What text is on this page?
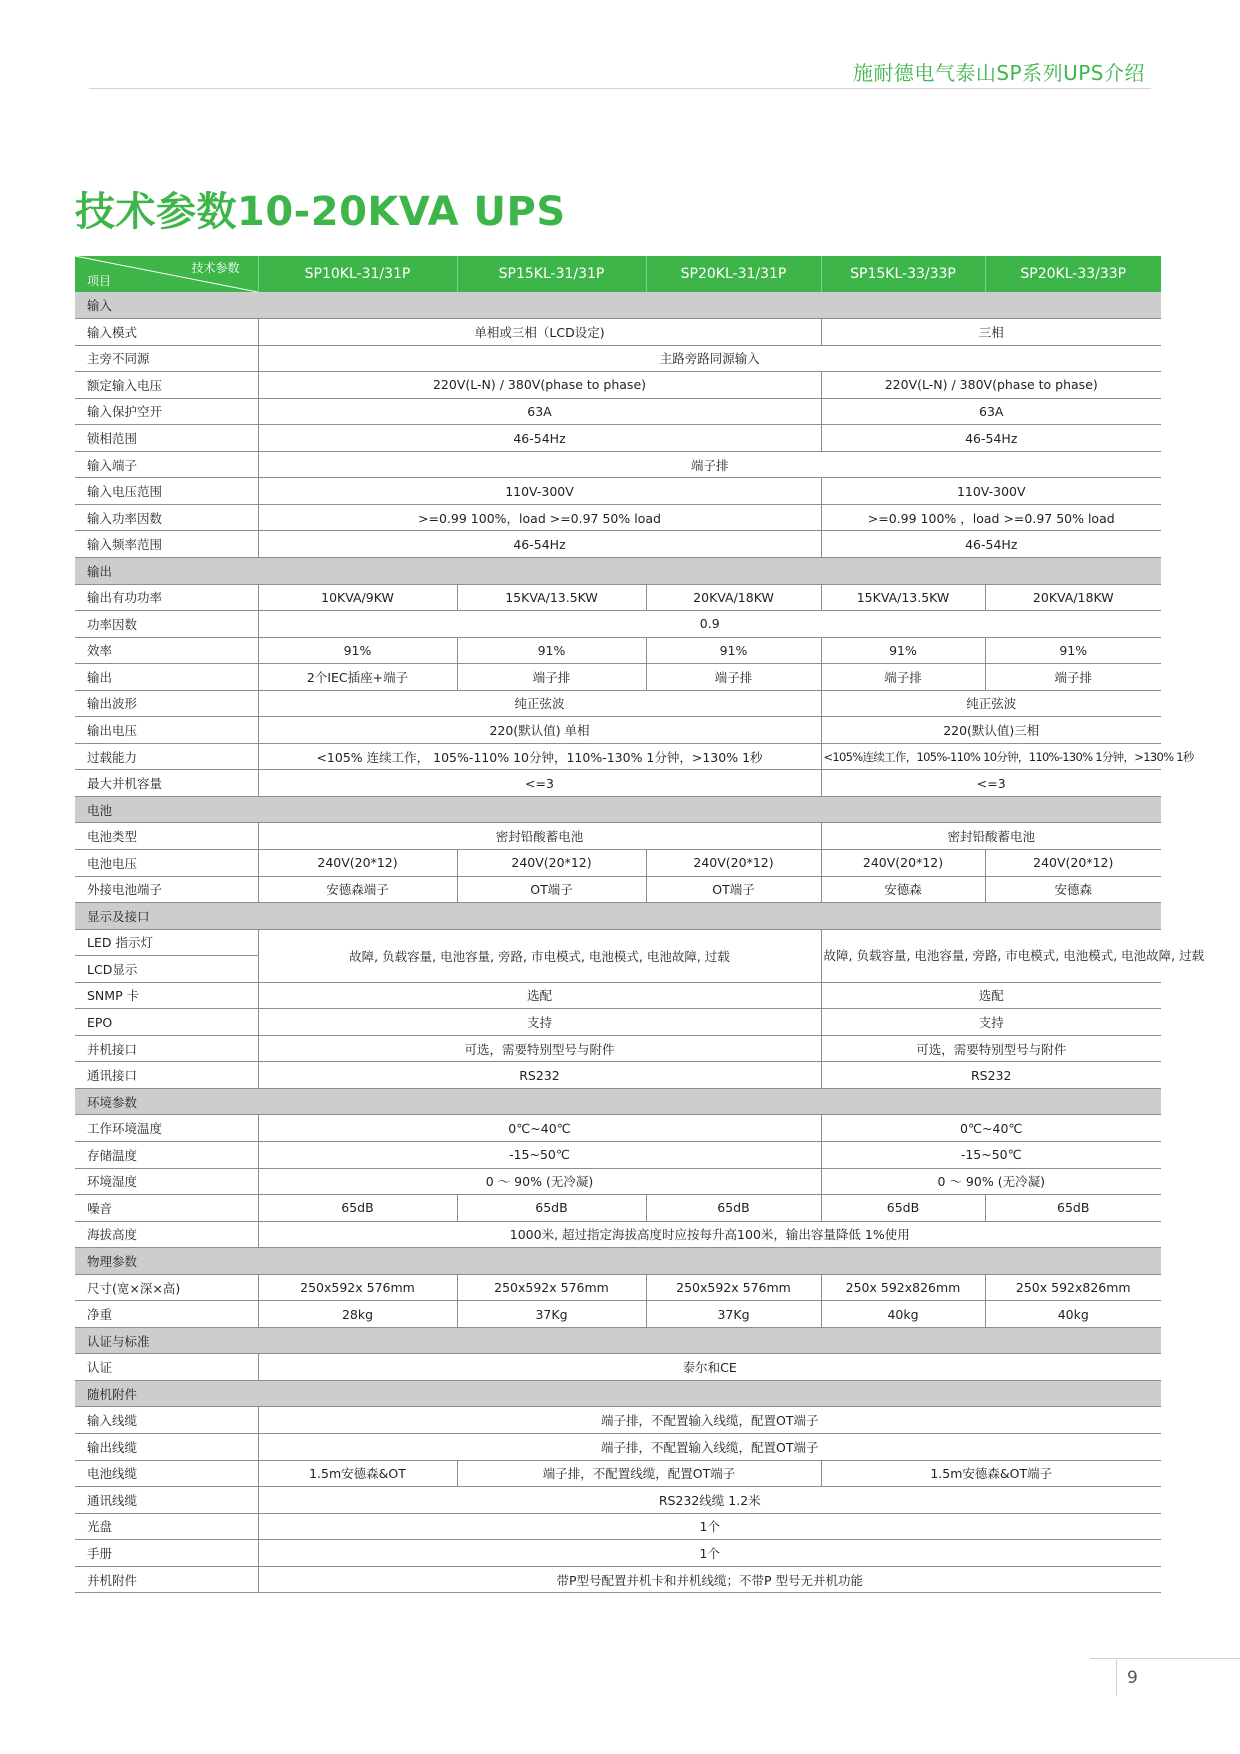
施耐德电气泰山SP系列UPS介绍
技术参数10-20KVA UPS
技术参数
项目	SP10KL-31/31P	SP15KL-31/31P	SP20KL-31/31P	SP15KL-33/33P	SP20KL-33/33P
输入					
输入模式	单相或三相（LCD设定)			三相	
主旁不同源	主路旁路同源输入				
额定输入电压	220V(L-N) / 380V(phase to phase)			220V(L-N) / 380V(phase to phase)	
输入保护空开	63A			63A	
锁相范围	46-54Hz			46-54Hz	
输入端子	端子排				
输入电压范围	110V-300V			110V-300V	
输入功率因数	>=0.99 100%，load >=0.97 50% load			>=0.99 100% ，load >=0.97 50% load	
输入频率范围	46-54Hz			46-54Hz	
输出					
输出有功功率	10KVA/9KW	15KVA/13.5KW	20KVA/18KW	15KVA/13.5KW	20KVA/18KW
功率因数	0.9				
效率	91%	91%	91%	91%	91%
输出	2个IEC插座+端子	端子排	端子排	端子排	端子排
输出波形	纯正弦波			纯正弦波	
输出电压	220(默认值) 单相			220(默认值)三相	
过载能力	<105% 连续工作， 105%-110% 10分钟，110%-130% 1分钟，>130% 1秒			<105%连续工作，105%-110% 10分钟，110%-130% 1分钟，>130% 1秒	
最大并机容量	<=3			<=3	
电池					
电池类型	密封铅酸蓄电池			密封铅酸蓄电池	
电池电压	240V(20*12)	240V(20*12)	240V(20*12)	240V(20*12)	240V(20*12)
外接电池端子	安德森端子	OT端子	OT端子	安德森	安德森
显示及接口					
LED 指示灯	故障, 负载容量, 电池容量, 旁路, 市电模式, 电池模式, 电池故障, 过载			故障, 负载容量, 电池容量, 旁路, 市电模式, 电池模式, 电池故障, 过载	
LCD显示					
SNMP 卡	选配			选配	
EPO	支持			支持	
并机接口	可选，需要特别型号与附件			可选，需要特别型号与附件	
通讯接口	RS232			RS232	
环境参数					
工作环境温度	0℃~40℃			0℃~40℃	
存储温度	-15~50℃			-15~50℃	
环境湿度	0 ～ 90% (无冷凝)			0 ～ 90% (无冷凝)	
噪音	65dB	65dB	65dB	65dB	65dB
海拔高度	1000米, 超过指定海拔高度时应按每升高100米，输出容量降低 1%使用				
物理参数					
尺寸(宽×深×高)	250x592x 576mm	250x592x 576mm	250x592x 576mm	250x 592x826mm	250x 592x826mm
净重	28kg	37Kg	37Kg	40kg	40kg
认证与标准					
认证	泰尔和CE				
随机附件					
输入线缆	端子排，不配置输入线缆，配置OT端子				
输出线缆	端子排，不配置输入线缆，配置OT端子				
电池线缆	1.5m安德森&OT	端子排，不配置线缆，配置OT端子		1.5m安德森&OT端子	
通讯线缆	RS232线缆 1.2米				
光盘	1个				
手册	1个				
并机附件	带P型号配置并机卡和并机线缆；不带P 型号无并机功能				
9
